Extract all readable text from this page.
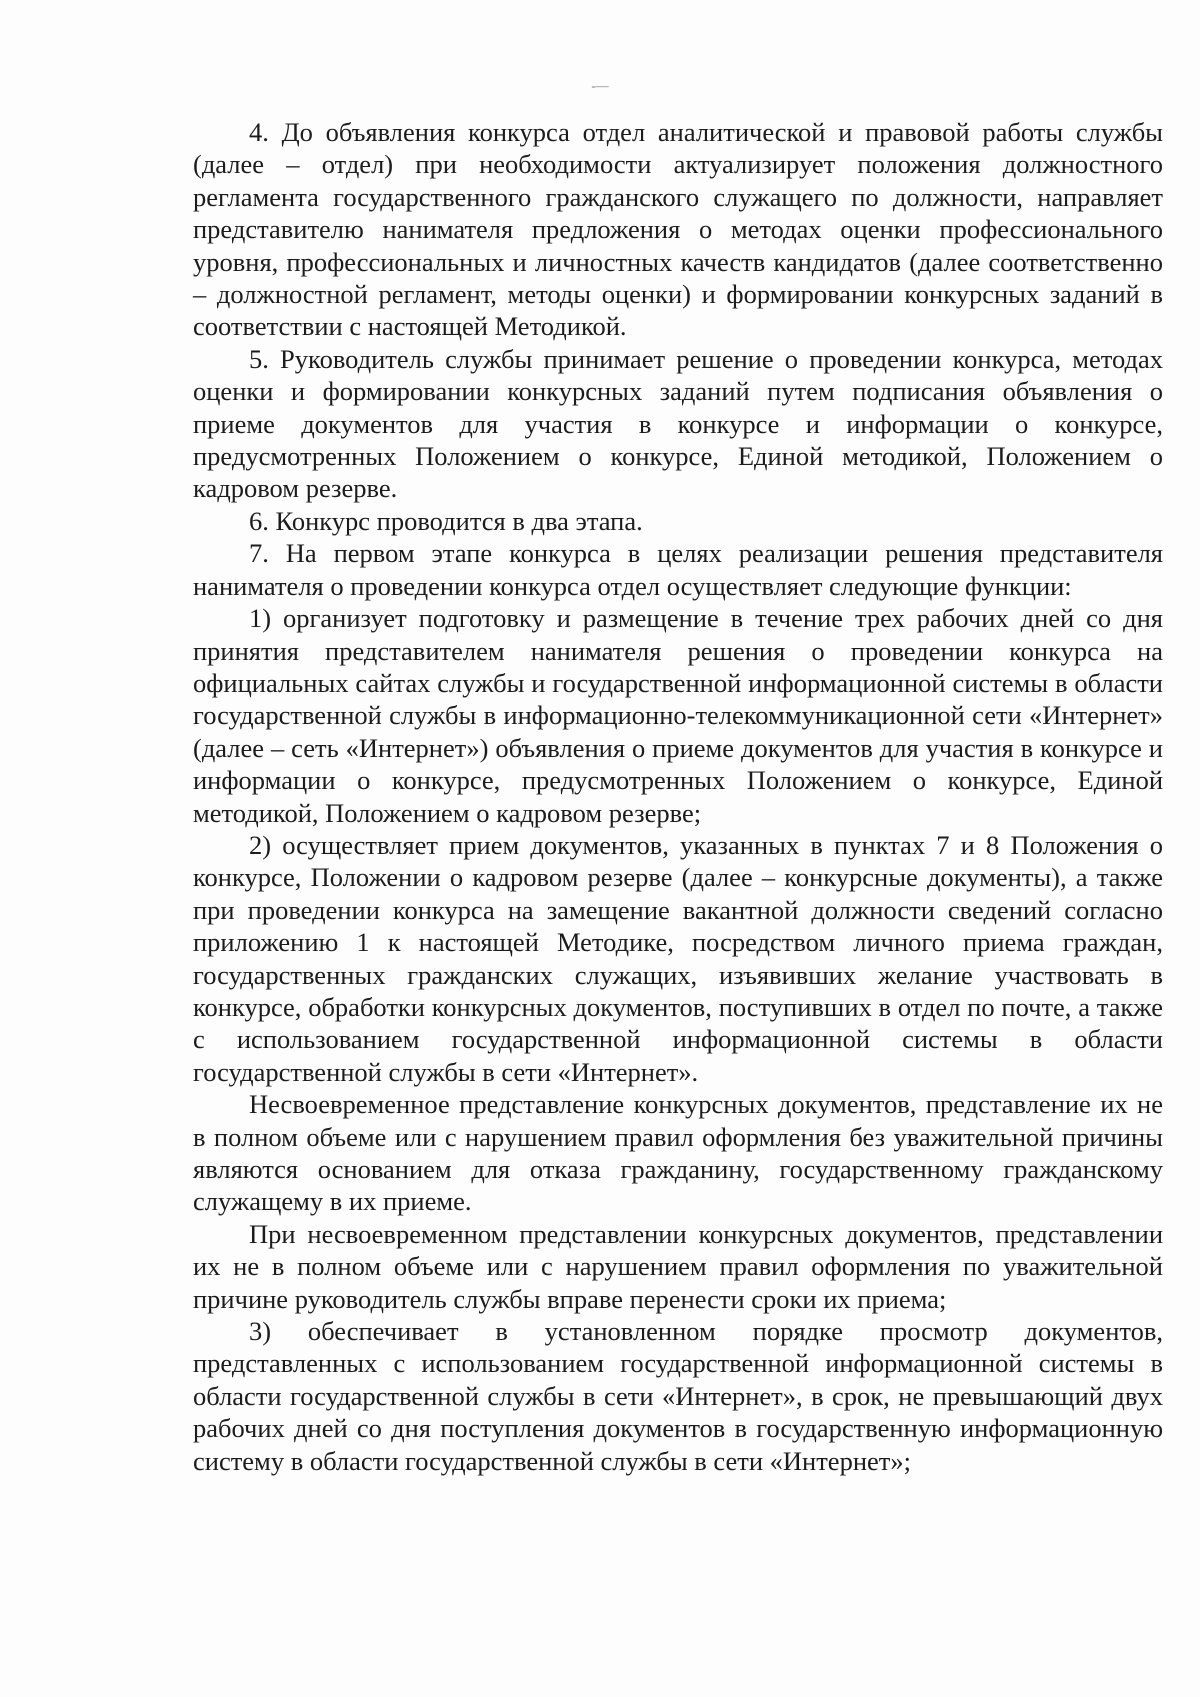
-—

4. До объявления конкурса отдел аналитической и правовой работы службы (далее – отдел) при необходимости актуализирует положения должностного регламента государственного гражданского служащего по должности, направляет представителю нанимателя предложения о методах оценки профессионального уровня, профессиональных и личностных качеств кандидатов (далее соответственно – должностной регламент, методы оценки) и формировании конкурсных заданий в соответствии с настоящей Методикой.

5. Руководитель службы принимает решение о проведении конкурса, методах оценки и формировании конкурсных заданий путем подписания объявления о приеме документов для участия в конкурсе и информации о конкурсе, предусмотренных Положением о конкурсе, Единой методикой, Положением о кадровом резерве.

6. Конкурс проводится в два этапа.

7. На первом этапе конкурса в целях реализации решения представителя нанимателя о проведении конкурса отдел осуществляет следующие функции:

1) организует подготовку и размещение в течение трех рабочих дней со дня принятия представителем нанимателя решения о проведении конкурса на официальных сайтах службы и государственной информационной системы в области государственной службы в информационно-телекоммуникационной сети «Интернет» (далее – сеть «Интернет») объявления о приеме документов для участия в конкурсе и информации о конкурсе, предусмотренных Положением о конкурсе, Единой методикой, Положением о кадровом резерве;

2) осуществляет прием документов, указанных в пунктах 7 и 8 Положения о конкурсе, Положении о кадровом резерве (далее – конкурсные документы), а также при проведении конкурса на замещение вакантной должности сведений согласно приложению 1 к настоящей Методике, посредством личного приема граждан, государственных гражданских служащих, изъявивших желание участвовать в конкурсе, обработки конкурсных документов, поступивших в отдел по почте, а также с использованием государственной информационной системы в области государственной службы в сети «Интернет».

Несвоевременное представление конкурсных документов, представление их не в полном объеме или с нарушением правил оформления без уважительной причины являются основанием для отказа гражданину, государственному гражданскому служащему в их приеме.

При несвоевременном представлении конкурсных документов, представлении их не в полном объеме или с нарушением правил оформления по уважительной причине руководитель службы вправе перенести сроки их приема;

3) обеспечивает в установленном порядке просмотр документов, представленных с использованием государственной информационной системы в области государственной службы в сети «Интернет», в срок, не превышающий двух рабочих дней со дня поступления документов в государственную информационную систему в области государственной службы в сети «Интернет»;
